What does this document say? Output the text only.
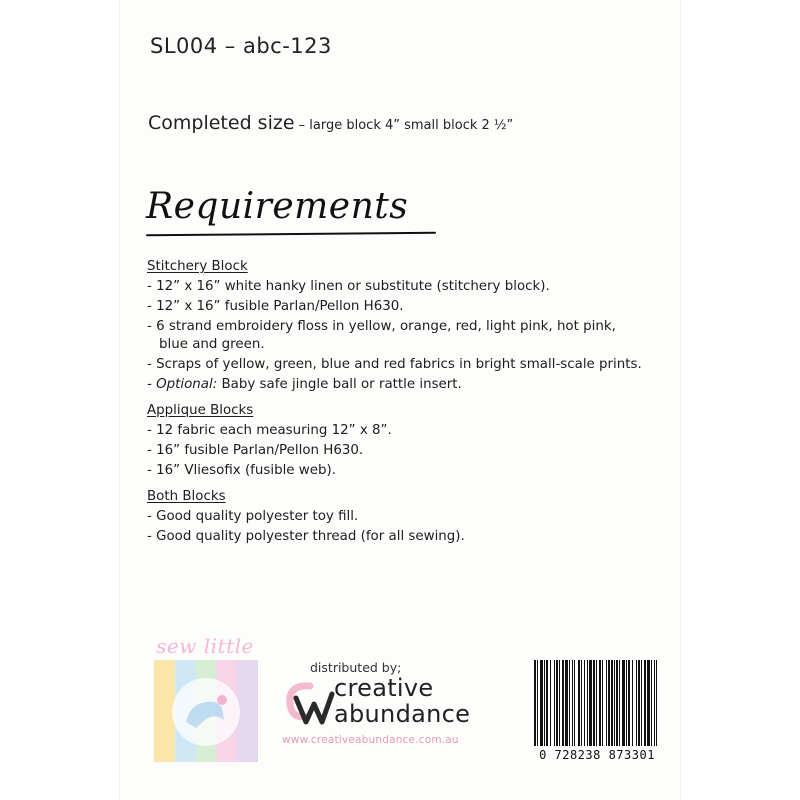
SL004 – abc-123
Completed size – large block 4” small block 2 ½”
Requirements
Stitchery Block
- 12” x 16” white hanky linen or substitute (stitchery block).
- 12” x 16” fusible Parlan/Pellon H630.
- 6 strand embroidery floss in yellow, orange, red, light pink, hot pink, blue and green.
- Scraps of yellow, green, blue and red fabrics in bright small-scale prints.
- Optional: Baby safe jingle ball or rattle insert.
Applique Blocks
- 12 fabric each measuring 12” x 8”.
- 16” fusible Parlan/Pellon H630.
- 16” Vliesofix (fusible web).
Both Blocks
- Good quality polyester toy fill.
- Good quality polyester thread (for all sewing).
sew little
distributed by;
creative
abundance
www.creativeabundance.com.au
0 728238 873301
